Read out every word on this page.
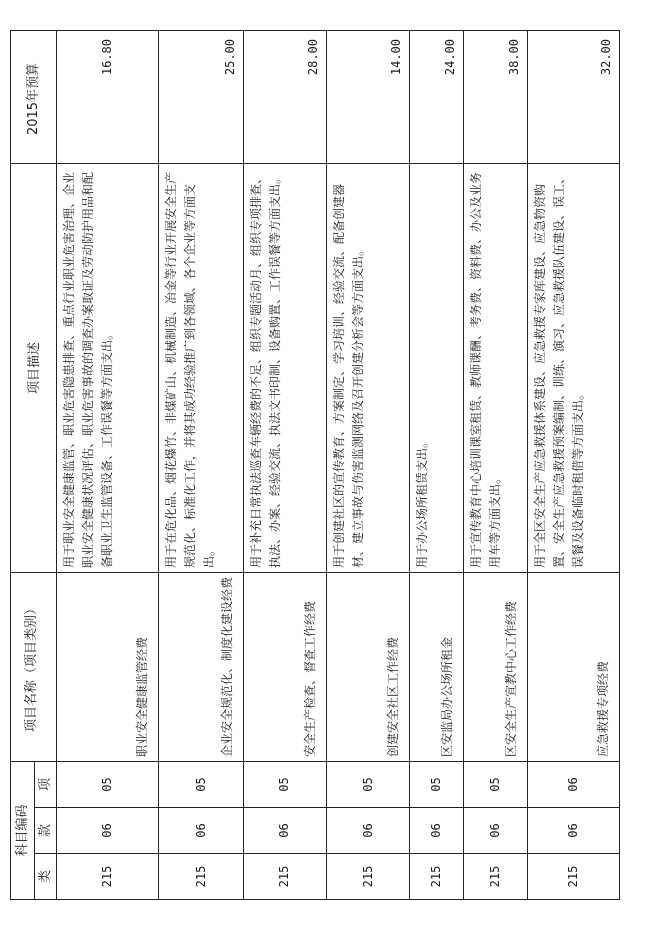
科目编码			项目名称（项目类别）	项目描述	2015年预算
类	款	项			
215	06	05	职业安全健康监管经费	用于职业安全健康监管、职业危害隐患排查、重点行业职业危害治理、企业职业安全健康状况评估、职业危害事故的调查办案取证及劳动防护用品和配备职业卫生监管设备、工作误餐等方面支出。	16.80
215	06	05	企业安全规范化、制度化建设经费	用于在危化品、烟花爆竹、非煤矿山、机械制造、冶金等行业开展安全生产规范化、标准化工作，并将其成功经验推广到各领域、各个企业等方面支出。	25.00
215	06	05	安全生产检查、督查工作经费	用于补充日常执法巡查车辆经费的不足、组织专题活动月、组织专项排查、执法、办案、经验交流、执法文书印制、设备购置、工作误餐等方面支出。	28.00
215	06	05	创建安全社区工作经费	用于创建社区的宣传教育、方案制定、学习培训、经验交流、配备创建器材、建立事故与伤害监测网络及召开创建分析会等方面支出。	14.00
215	06	05	区安监局办公场所租金	用于办公场所租赁支出。	24.00
215	06	05	区安全生产宣教中心工作经费	用于宣传教育中心培训课室租赁、教师课酬、考务费、资料费、办公及业务用车等方面支出。	38.00
215	06	06	应急救援专项经费	用于全区安全生产应急救援体系建设、应急救援专家库建设、应急物资购置、安全生产应急救援预案编制、训练、演习、应急救援队伍建设、误工、误餐及设备临时租借等方面支出。	32.00
